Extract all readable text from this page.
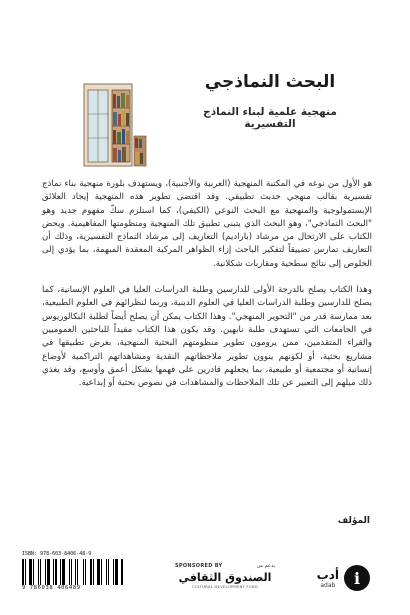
البحث النماذجي
منهجية علمية لبناء النماذج التفسيرية

هو الأول من نوعه في المكتبة المنهجية (العربية والأجنبية)، ويستهدف بلورة منهجية بناء نماذج تفسيرية بقالب منهجي حديث تطبيقي. وقد اقتضى تطوير هذه المنهجية إيجاد العلائق الإبستمولوجية والمنهجية مع البحث النوعي (الكيفي)، كما استلزم سكّ مفهوم جديد وهو "البحث النماذجي"، وهو البحث الذي يتبنى تطبيق تلك المنهجية ومنظومتها المفاهيمية. ويحض الكتاب على الارتحال من مرشاد (باراديم) التعاريف إلى مرشاد النماذج التفسيرية، وذلك أن التعاريف تمارس تضييقاً لتفكير الباحث إزاء الظواهر المركبة المعقدة المبهمة، بما يؤدي إلى الخلوص إلى نتائج سطحية ومقاربات شكلانية.

وهذا الكتاب يصلح بالدرجة الأولى للدارسين وطلبة الدراسات العليا في العلوم الإنسانية، كما يصلح للدارسين وطلبة الدراسات العليا في العلوم الدينية، وربما لنظرائهم في العلوم الطبيعية، بعد ممارسة قدر من "التحوير المنهجي". وهذا الكتاب يمكن أن يصلح أيضاً لطلبة البكالوريوس في الجامعات التي تستهدف طلبة نابهين. وقد يكون هذا الكتاب مفيداً للباحثين العموميين والقراء المتقدمين، ممن يرومون تطوير منظومتهم البحثية المنهجية، بغرض تطبيقها في مشاريع بحثية، أو لكونهم ينوون تطوير ملاحظاتهم النقدية ومشاهداتهم التراكمية لأوضاع إنسانية أو مجتمعية أو طبيعية، بما يجعلهم قادرين على فهمها بشكل أعمق وأوسع، وقد يغذي ذلك ميلهم إلى التعبير عن تلك الملاحظات والمشاهدات في نصوص بحثية أو إبداعية.

المؤلف
ISBN: 978-603-8406-48-9
9 786038 406489
SPONSORED BY	بدعم من
الصندوق الثقافي
CULTURAL DEVELOPMENT FUND
أدب
adab	i
